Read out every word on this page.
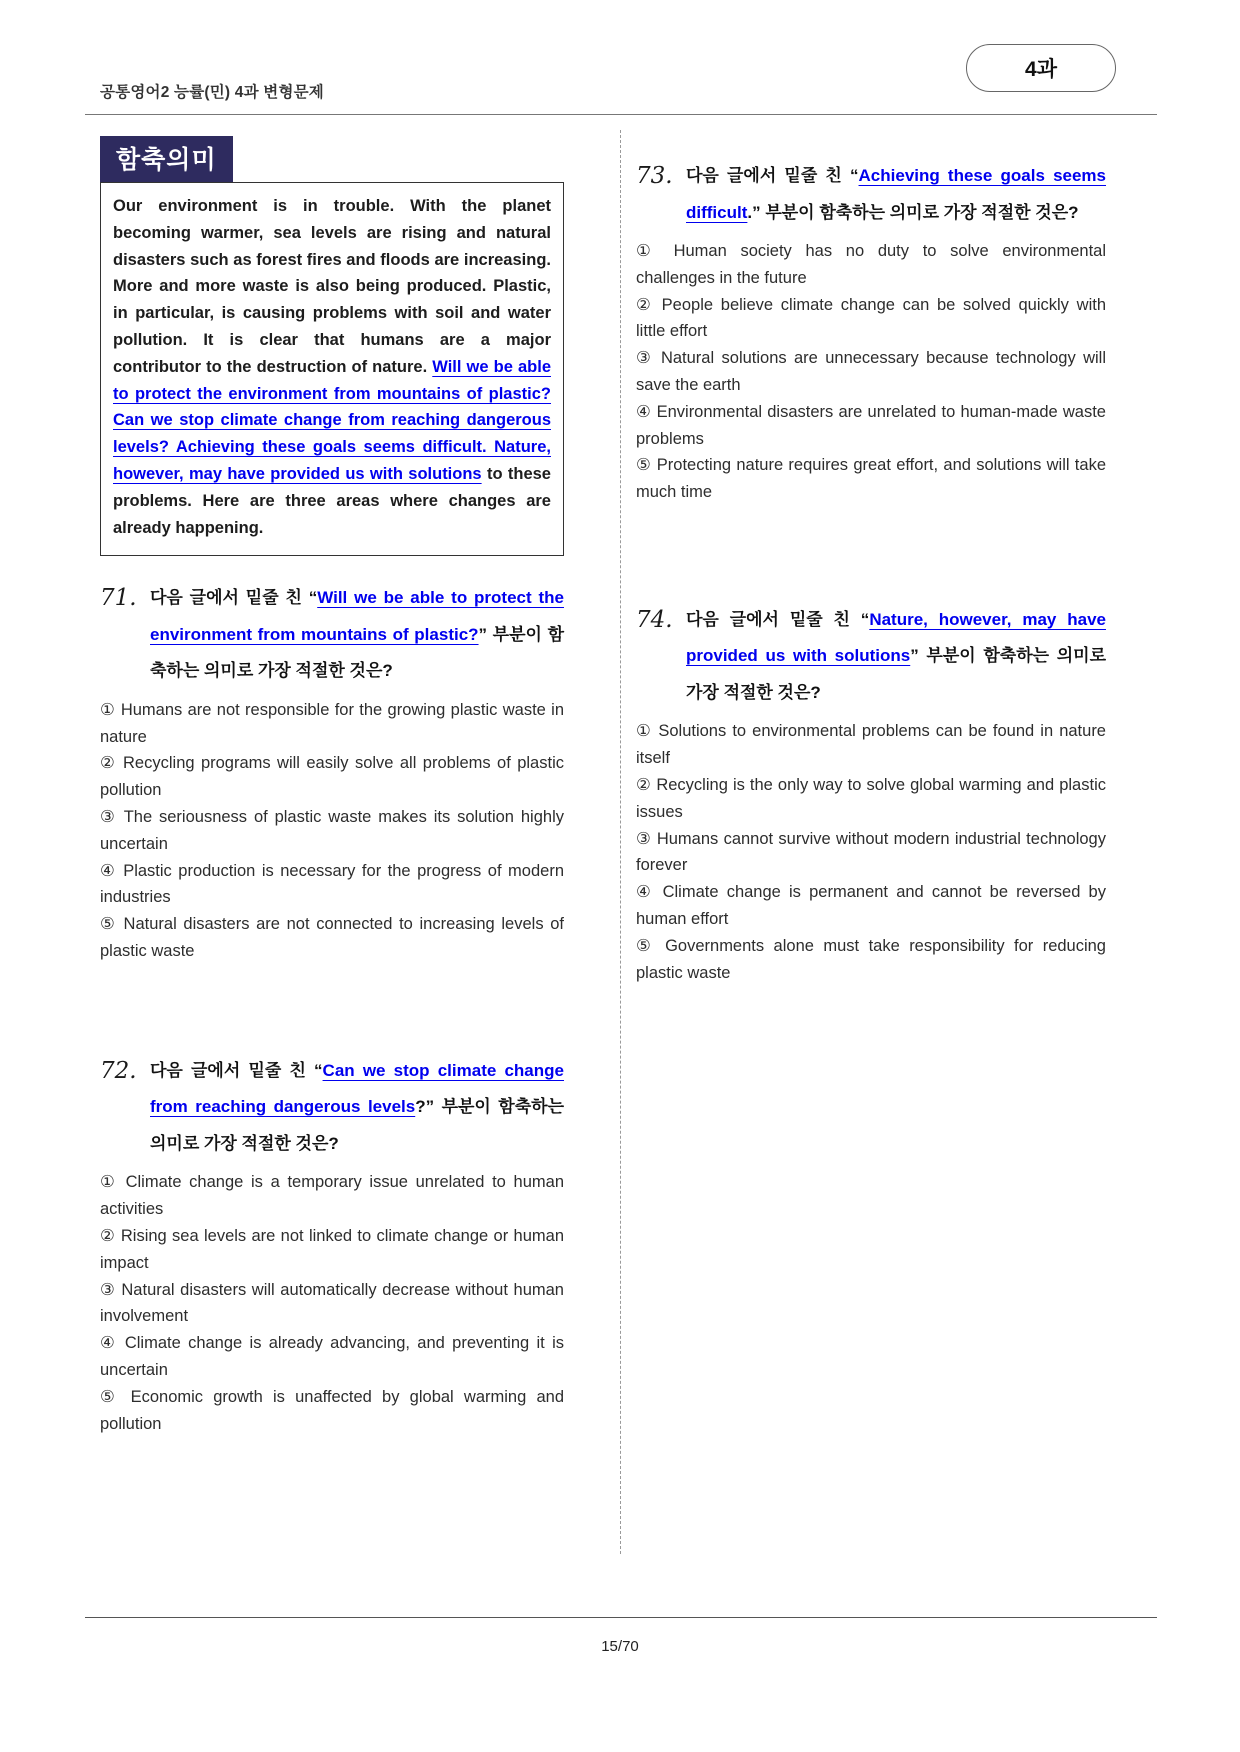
공통영어2 능률(민) 4과 변형문제
4과
함축의미
Our environment is in trouble. With the planet becoming warmer, sea levels are rising and natural disasters such as forest fires and floods are increasing. More and more waste is also being produced. Plastic, in particular, is causing problems with soil and water pollution. It is clear that humans are a major contributor to the destruction of nature. Will we be able to protect the environment from mountains of plastic? Can we stop climate change from reaching dangerous levels? Achieving these goals seems difficult. Nature, however, may have provided us with solutions to these problems. Here are three areas where changes are already happening.
71. 다음 글에서 밑줄 친 “Will we be able to protect the environment from mountains of plastic?” 부분이 함축하는 의미로 가장 적절한 것은?

① Humans are not responsible for the growing plastic waste in nature

② Recycling programs will easily solve all problems of plastic pollution

③ The seriousness of plastic waste makes its solution highly uncertain

④ Plastic production is necessary for the progress of modern industries

⑤ Natural disasters are not connected to increasing levels of plastic waste

72. 다음 글에서 밑줄 친 “Can we stop climate change from reaching dangerous levels?” 부분이 함축하는 의미로 가장 적절한 것은?

① Climate change is a temporary issue unrelated to human activities

② Rising sea levels are not linked to climate change or human impact

③ Natural disasters will automatically decrease without human involvement

④ Climate change is already advancing, and preventing it is uncertain

⑤ Economic growth is unaffected by global warming and pollution

73. 다음 글에서 밑줄 친 “Achieving these goals seems difficult.” 부분이 함축하는 의미로 가장 적절한 것은?

① Human society has no duty to solve environmental challenges in the future

② People believe climate change can be solved quickly with little effort

③ Natural solutions are unnecessary because technology will save the earth

④ Environmental disasters are unrelated to human-made waste problems

⑤ Protecting nature requires great effort, and solutions will take much time

74. 다음 글에서 밑줄 친 “Nature, however, may have provided us with solutions” 부분이 함축하는 의미로 가장 적절한 것은?

① Solutions to environmental problems can be found in nature itself

② Recycling is the only way to solve global warming and plastic issues

③ Humans cannot survive without modern industrial technology forever

④ Climate change is permanent and cannot be reversed by human effort

⑤ Governments alone must take responsibility for reducing plastic waste

15/70
